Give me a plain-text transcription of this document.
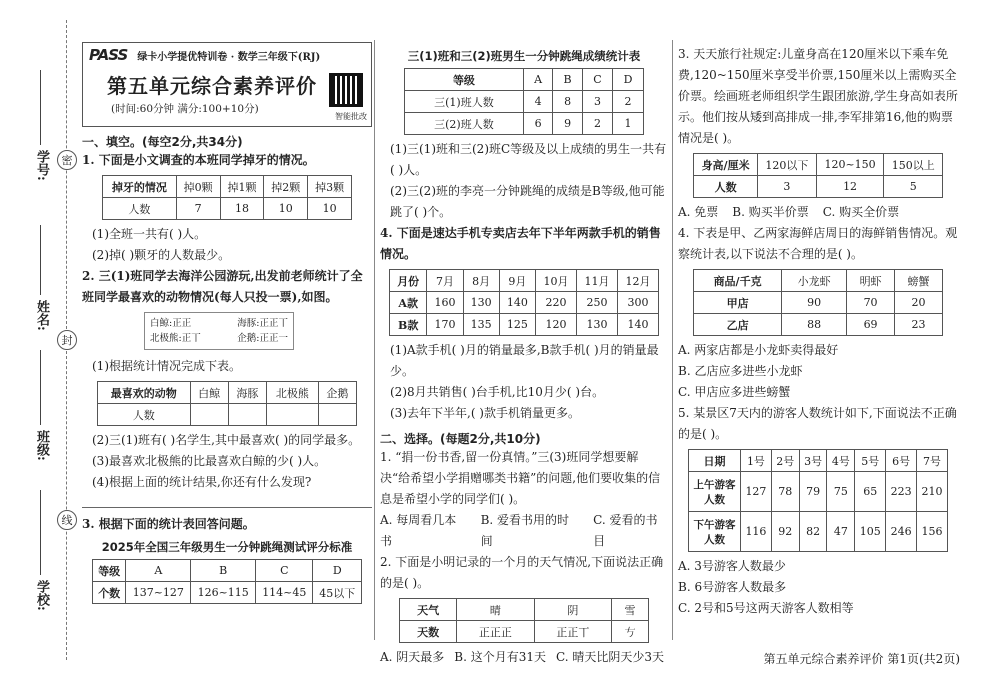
密
封
线
学号:
姓名:
班级:
学校:
PASS 绿卡小学提优特训卷 · 数学三年级下(RJ)
第五单元综合素养评价
(时间:60分钟 满分:100+10分)
智能批改
一、填空。(每空2分,共34分)

1. 下面是小文调查的本班同学掉牙的情况。

掉牙的情况	掉0颗	掉1颗	掉2颗	掉3颗
人数	7	18	10	10

(1)全班一共有( )人。

(2)掉( )颗牙的人数最少。

2. 三(1)班同学去海洋公园游玩,出发前老师统计了全班同学最喜欢的动物情况(每人只投一票),如图。

白鲸:正正	海豚:正正丅
北极熊:正丅	企鹅:正正一

(1)根据统计情况完成下表。

最喜欢的动物	白鲸	海豚	北极熊	企鹅
人数				

(2)三(1)班有( )名学生,其中最喜欢( )的同学最多。

(3)最喜欢北极熊的比最喜欢白鲸的少( )人。

(4)根据上面的统计结果,你还有什么发现?

3. 根据下面的统计表回答问题。

2025年全国三年级男生一分钟跳绳测试评分标准
等级	A	B	C	D
个数	137~127	126~115	114~45	45以下
三(1)班和三(2)班男生一分钟跳绳成绩统计表
等级	A	B	C	D
三(1)班人数	4	8	3	2
三(2)班人数	6	9	2	1

(1)三(1)班和三(2)班C等级及以上成绩的男生一共有( )人。

(2)三(2)班的李亮一分钟跳绳的成绩是B等级,他可能跳了( )个。

4. 下面是速达手机专卖店去年下半年两款手机的销售情况。

月份	7月	8月	9月	10月	11月	12月
A款	160	130	140	220	250	300
B款	170	135	125	120	130	140

(1)A款手机( )月的销量最多,B款手机( )月的销量最少。

(2)8月共销售( )台手机,比10月少( )台。

(3)去年下半年,( )款手机销量更多。

二、选择。(每题2分,共10分)

1. “捐一份书香,留一份真情。”三(3)班同学想要解决“给希望小学捐赠哪类书籍”的问题,他们要收集的信息是希望小学的同学们( )。

A. 每周看几本书
B. 爱看书用的时间
C. 爱看的书目

2. 下面是小明记录的一个月的天气情况,下面说法正确的是( )。

天气	晴	阴	雪
天数	正正正	正正丅	𠀁
A. 阴天最多 B. 这个月有31天 C. 晴天比阴天少3天

3. 天天旅行社规定:儿童身高在120厘米以下乘车免费,120~150厘米享受半价票,150厘米以上需购买全价票。绘画班老师组织学生跟团旅游,学生身高如表所示。他们按从矮到高排成一排,李军排第16,他的购票情况是( )。

身高/厘米	120以下	120~150	150以上
人数	3	12	5
A. 免票 B. 购买半价票 C. 购买全价票

4. 下表是甲、乙两家海鲜店周日的海鲜销售情况。观察统计表,以下说法不合理的是( )。

商品/千克	小龙虾	明虾	螃蟹
甲店	90	70	20
乙店	88	69	23

A. 两家店都是小龙虾卖得最好

B. 乙店应多进些小龙虾

C. 甲店应多进些螃蟹

5. 某景区7天内的游客人数统计如下,下面说法不正确的是( )。

日期	1号	2号	3号	4号	5号	6号	7号
上午游客人数	127	78	79	75	65	223	210
下午游客人数	116	92	82	47	105	246	156

A. 3号游客人数最少

B. 6号游客人数最多

C. 2号和5号这两天游客人数相等

第五单元综合素养评价 第1页(共2页)
